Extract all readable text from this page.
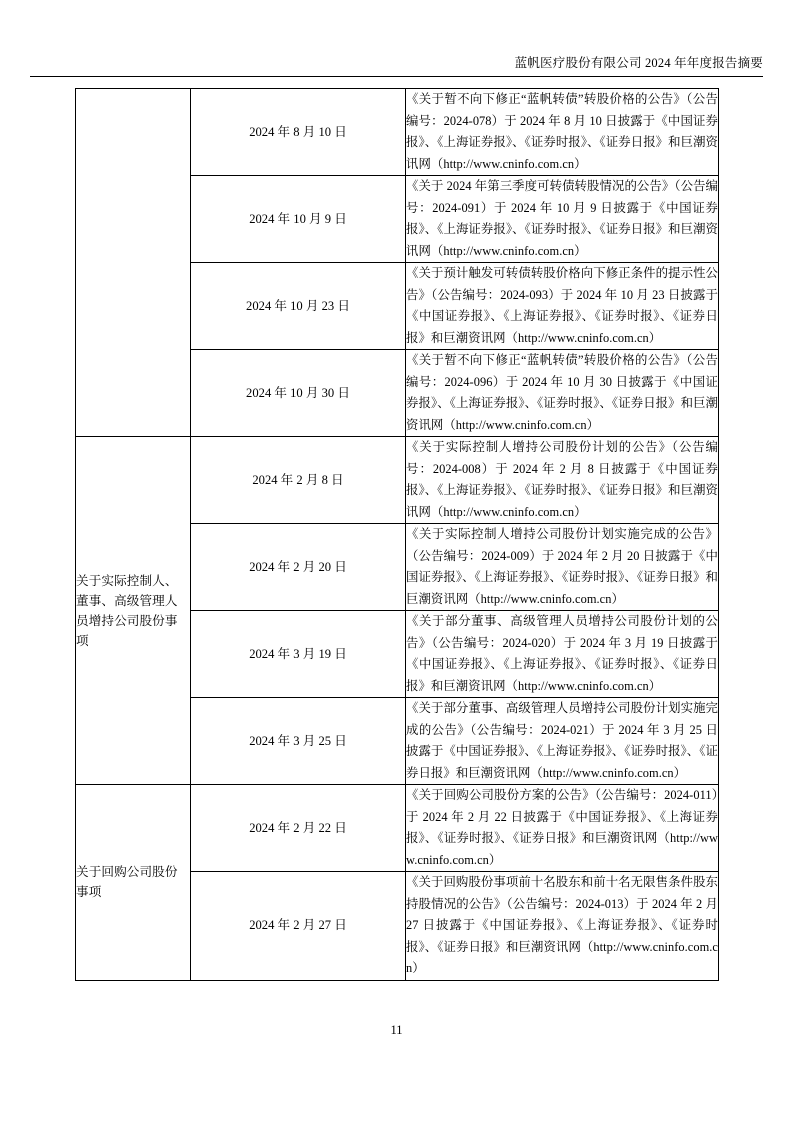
蓝帆医疗股份有限公司 2024 年年度报告摘要
	2024 年 8 月 10 日	《关于暂不向下修正“蓝帆转债”转股价格的公告》（公告编号：2024-078）于 2024 年 8 月 10 日披露于《中国证券报》、《上海证券报》、《证券时报》、《证券日报》和巨潮资讯网（http://www.cninfo.com.cn）

	2024 年 10 月 9 日	《关于 2024 年第三季度可转债转股情况的公告》（公告编号：2024-091）于 2024 年 10 月 9 日披露于《中国证券报》、《上海证券报》、《证券时报》、《证券日报》和巨潮资讯网（http://www.cninfo.com.cn）

	2024 年 10 月 23 日	《关于预计触发可转债转股价格向下修正条件的提示性公告》（公告编号：2024-093）于 2024 年 10 月 23 日披露于《中国证券报》、《上海证券报》、《证券时报》、《证券日报》和巨潮资讯网（http://www.cninfo.com.cn）

	2024 年 10 月 30 日	《关于暂不向下修正“蓝帆转债”转股价格的公告》（公告编号：2024-096）于 2024 年 10 月 30 日披露于《中国证券报》、《上海证券报》、《证券时报》、《证券日报》和巨潮资讯网（http://www.cninfo.com.cn）

关于实际控制人、董事、高级管理人员增持公司股份事项	2024 年 2 月 8 日	《关于实际控制人增持公司股份计划的公告》（公告编号：2024-008）于 2024 年 2 月 8 日披露于《中国证券报》、《上海证券报》、《证券时报》、《证券日报》和巨潮资讯网（http://www.cninfo.com.cn）

	2024 年 2 月 20 日	《关于实际控制人增持公司股份计划实施完成的公告》（公告编号：2024-009）于 2024 年 2 月 20 日披露于《中国证券报》、《上海证券报》、《证券时报》、《证券日报》和巨潮资讯网（http://www.cninfo.com.cn）

	2024 年 3 月 19 日	《关于部分董事、高级管理人员增持公司股份计划的公告》（公告编号：2024-020）于 2024 年 3 月 19 日披露于《中国证券报》、《上海证券报》、《证券时报》、《证券日报》和巨潮资讯网（http://www.cninfo.com.cn）

	2024 年 3 月 25 日	《关于部分董事、高级管理人员增持公司股份计划实施完成的公告》（公告编号：2024-021）于 2024 年 3 月 25 日披露于《中国证券报》、《上海证券报》、《证券时报》、《证券日报》和巨潮资讯网（http://www.cninfo.com.cn）

关于回购公司股份事项	2024 年 2 月 22 日	《关于回购公司股份方案的公告》（公告编号：2024-011）于 2024 年 2 月 22 日披露于《中国证券报》、《上海证券报》、《证券时报》、《证券日报》和巨潮资讯网（http://www.cninfo.com.cn）

	2024 年 2 月 27 日	《关于回购股份事项前十名股东和前十名无限售条件股东持股情况的公告》（公告编号：2024-013）于 2024 年 2 月 27 日披露于《中国证券报》、《上海证券报》、《证券时报》、《证券日报》和巨潮资讯网（http://www.cninfo.com.cn）
11
